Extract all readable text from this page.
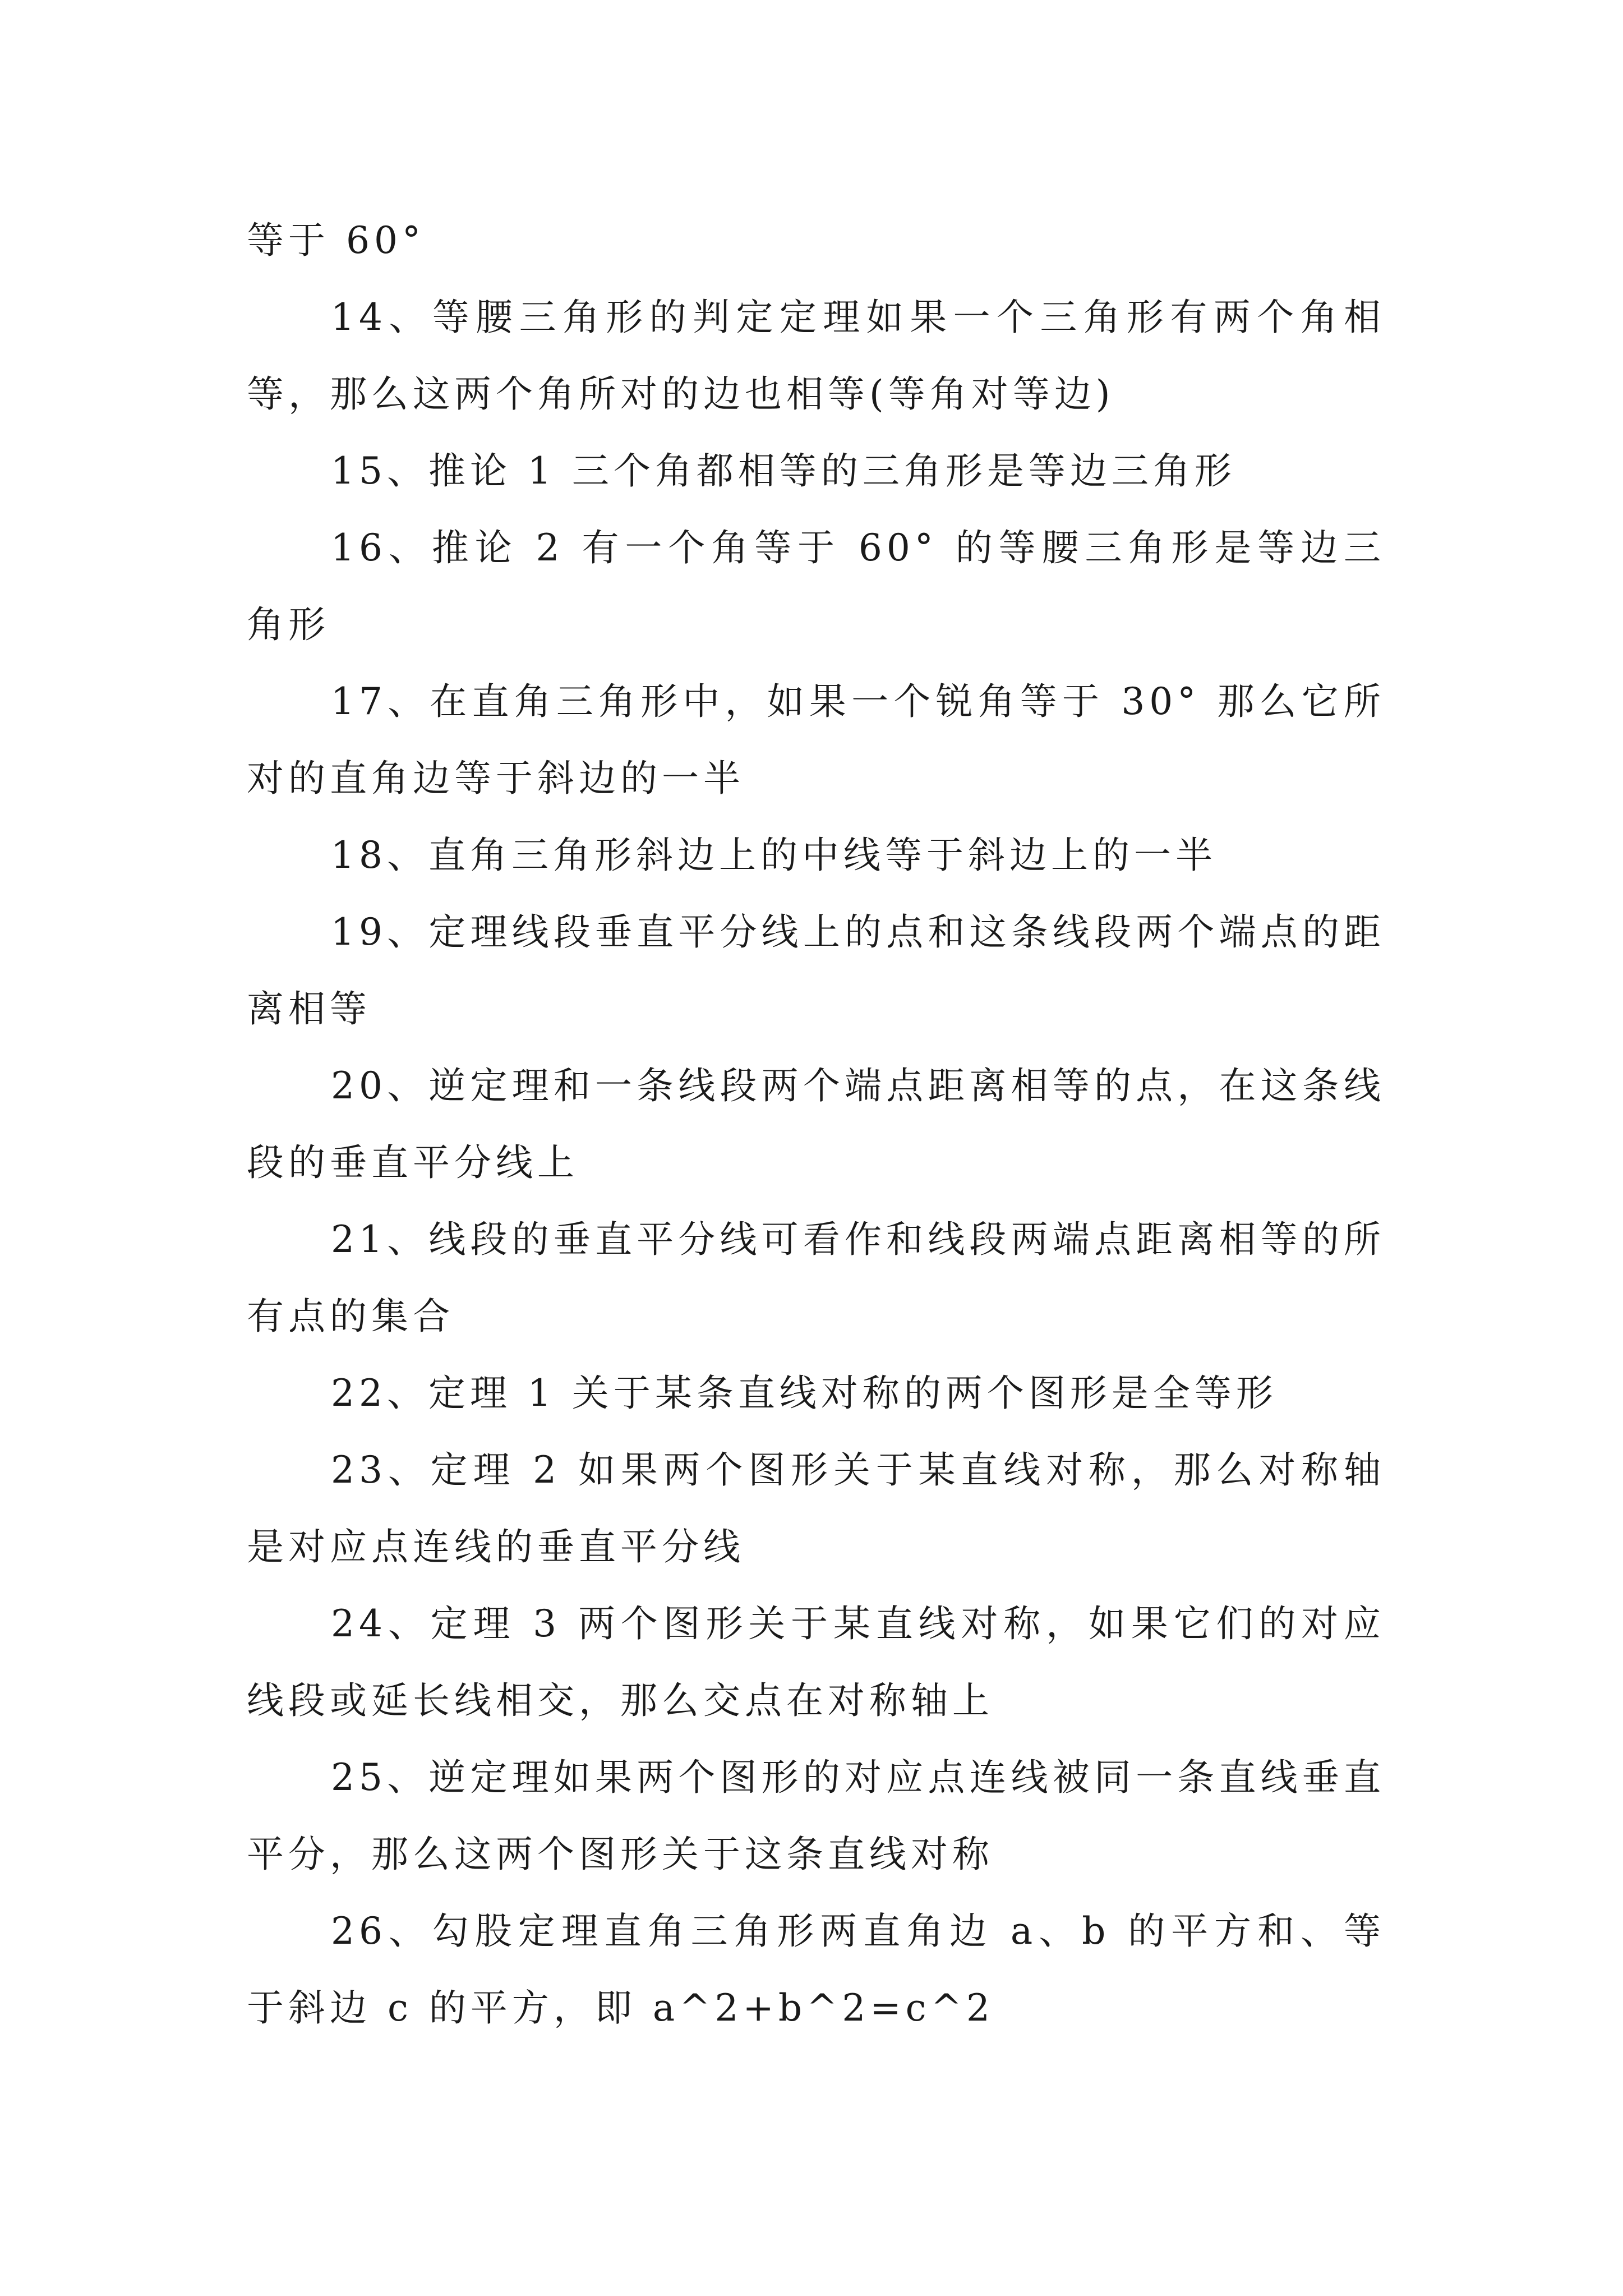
等于 60°

14、等腰三角形的判定定理如果一个三角形有两个角相等，那么这两个角所对的边也相等(等角对等边)

15、推论 1 三个角都相等的三角形是等边三角形

16、推论 2 有一个角等于 60° 的等腰三角形是等边三角形

17、在直角三角形中，如果一个锐角等于 30° 那么它所对的直角边等于斜边的一半

18、直角三角形斜边上的中线等于斜边上的一半

19、定理线段垂直平分线上的点和这条线段两个端点的距离相等

20、逆定理和一条线段两个端点距离相等的点，在这条线段的垂直平分线上

21、线段的垂直平分线可看作和线段两端点距离相等的所有点的集合

22、定理 1 关于某条直线对称的两个图形是全等形

23、定理 2 如果两个图形关于某直线对称，那么对称轴是对应点连线的垂直平分线

24、定理 3 两个图形关于某直线对称，如果它们的对应线段或延长线相交，那么交点在对称轴上

25、逆定理如果两个图形的对应点连线被同一条直线垂直平分，那么这两个图形关于这条直线对称

26、勾股定理直角三角形两直角边 a、b 的平方和、等于斜边 c 的平方，即 a^2+b^2=c^2
